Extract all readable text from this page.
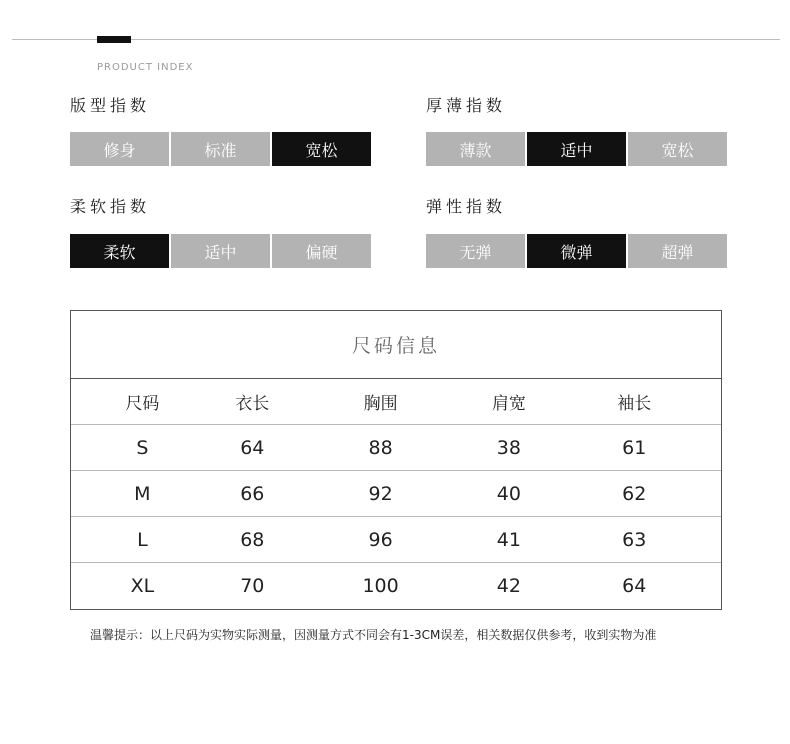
PRODUCT INDEX
版型指数
修身	标准	宽松
厚薄指数
薄款	适中	宽松
柔软指数
柔软	适中	偏硬
弹性指数
无弹	微弹	超弹
尺码信息
尺码	衣长	胸围	肩宽	袖长
S	64	88	38	61
M	66	92	40	62
L	68	96	41	63
XL	70	100	42	64
温馨提示：以上尺码为实物实际测量，因测量方式不同会有1-3CM误差，相关数据仅供参考，收到实物为准
